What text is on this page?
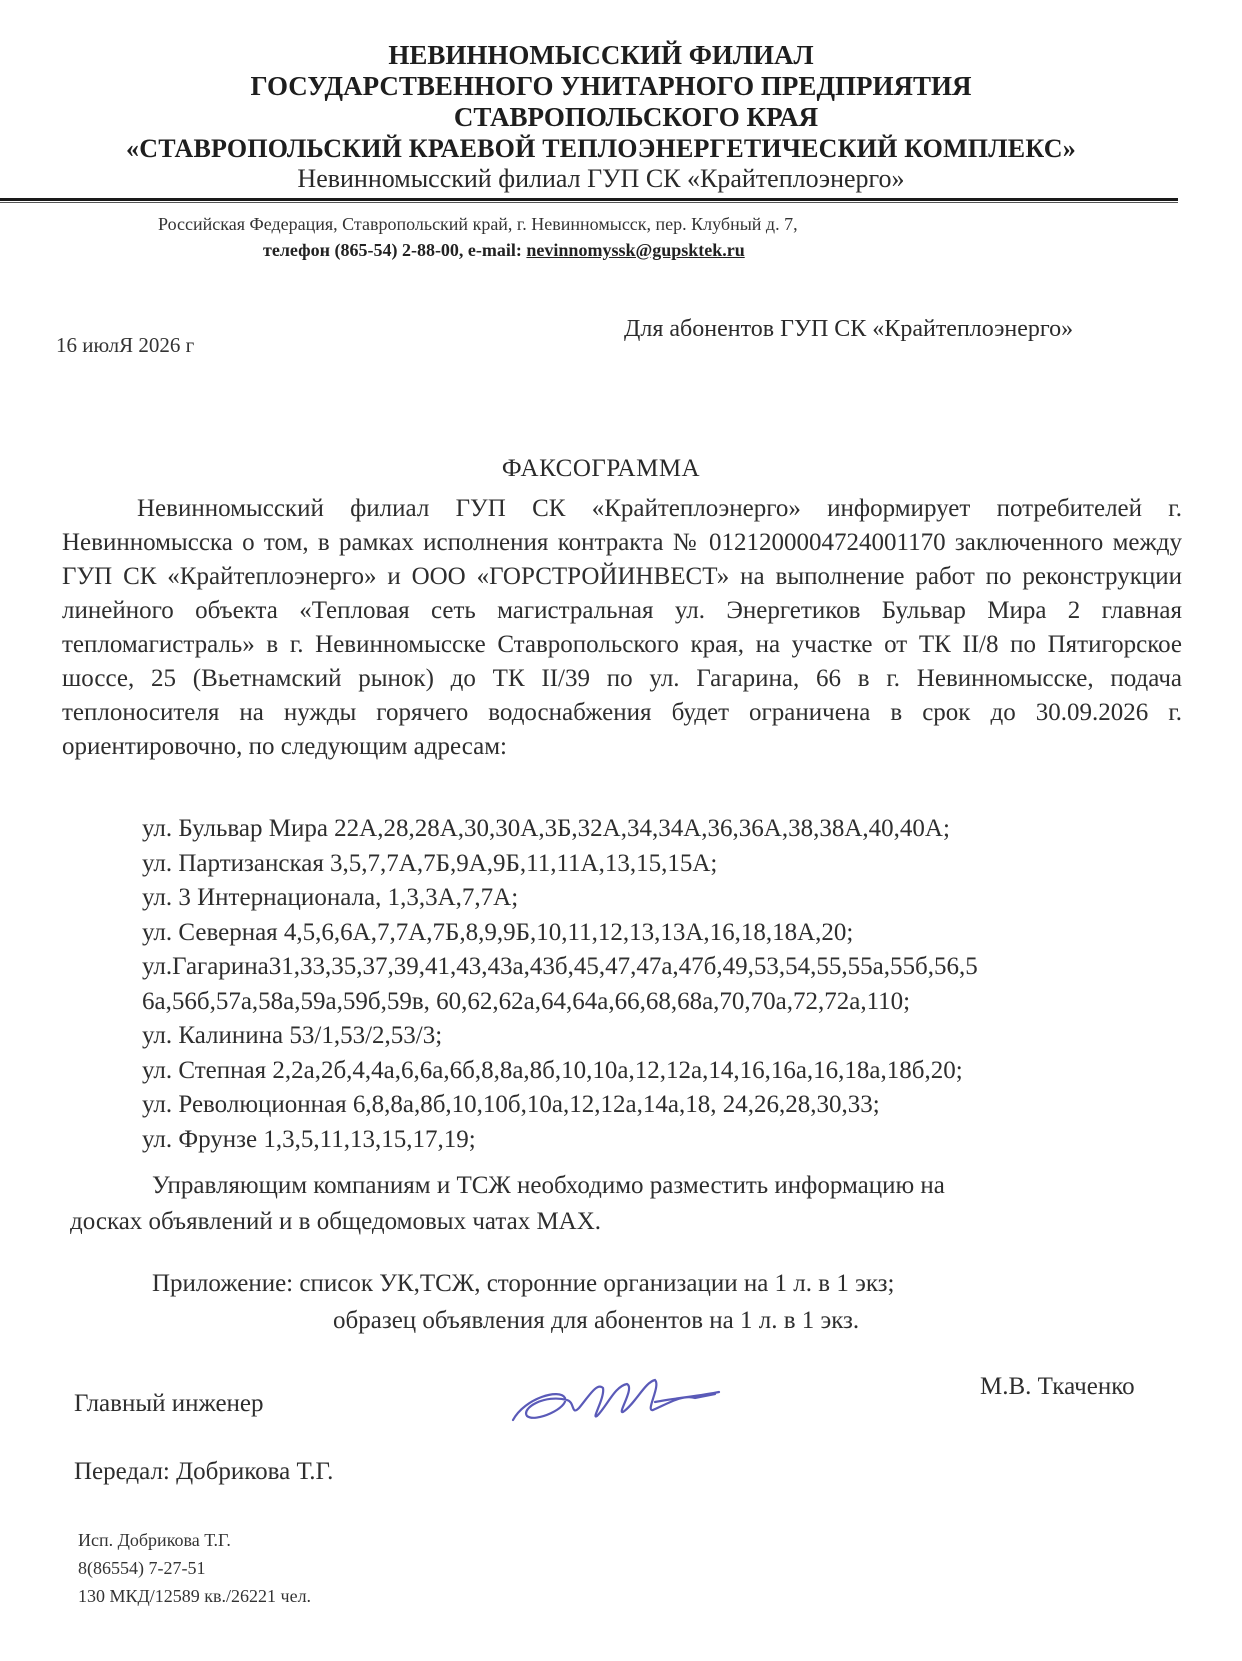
НЕВИННОМЫССКИЙ ФИЛИАЛ
ГОСУДАРСТВЕННОГО УНИТАРНОГО ПРЕДПРИЯТИЯ
СТАВРОПОЛЬСКОГО КРАЯ
«СТАВРОПОЛЬСКИЙ КРАЕВОЙ ТЕПЛОЭНЕРГЕТИЧЕСКИЙ КОМПЛЕКС»
Невинномысский филиал ГУП СК «Крайтеплоэнерго»
Российская Федерация, Ставропольский край, г. Невинномысск, пер. Клубный д. 7,
телефон (865-54) 2-88-00, e-mail: nevinnomyssk@gupsktek.ru
16 июлЯ 2026 г
Для абонентов ГУП СК «Крайтеплоэнерго»
ФАКСОГРАММА

Невинномысский филиал ГУП СК «Крайтеплоэнерго» информирует потребителей г. Невинномысска о том, в рамках исполнения контракта № 0121200004724001170 заключенного между ГУП СК «Крайтеплоэнерго» и ООО «ГОРСТРОЙИНВЕСТ» на выполнение работ по реконструкции линейного объекта «Тепловая сеть магистральная ул. Энергетиков Бульвар Мира 2 главная тепломагистраль» в г. Невинномысске Ставропольского края, на участке от ТК II/8 по Пятигорское шоссе, 25 (Вьетнамский рынок) до ТК II/39 по ул. Гагарина, 66 в г. Невинномысске, подача теплоносителя на нужды горячего водоснабжения будет ограничена в срок до 30.09.2026 г. ориентировочно, по следующим адресам:

ул. Бульвар Мира 22А,28,28А,30,30А,3Б,32А,34,34А,36,36А,38,38А,40,40А;
ул. Партизанская 3,5,7,7А,7Б,9А,9Б,11,11А,13,15,15А;
ул. 3 Интернационала, 1,3,3А,7,7А;
ул. Северная 4,5,6,6А,7,7А,7Б,8,9,9Б,10,11,12,13,13А,16,18,18А,20;
ул.Гагарина31,33,35,37,39,41,43,43а,43б,45,47,47а,47б,49,53,54,55,55а,55б,56,5
6а,56б,57а,58а,59а,59б,59в, 60,62,62а,64,64а,66,68,68а,70,70а,72,72а,110;
ул. Калинина 53/1,53/2,53/3;
ул. Степная 2,2а,2б,4,4а,6,6а,6б,8,8а,8б,10,10а,12,12а,14,16,16а,16,18а,18б,20;
ул. Революционная 6,8,8а,8б,10,10б,10а,12,12а,14а,18, 24,26,28,30,33;
ул. Фрунзе 1,3,5,11,13,15,17,19;
Управляющим компаниям и ТСЖ необходимо разместить информацию на
досках объявлений и в общедомовых чатах MAX.
Приложение: список УК,ТСЖ, сторонние организации на 1 л. в 1 экз;
образец объявления для абонентов на 1 л. в 1 экз.
Главный инженер
М.В. Ткаченко
Передал: Добрикова Т.Г.
Исп. Добрикова Т.Г.
8(86554) 7-27-51
130 МКД/12589 кв./26221 чел.
